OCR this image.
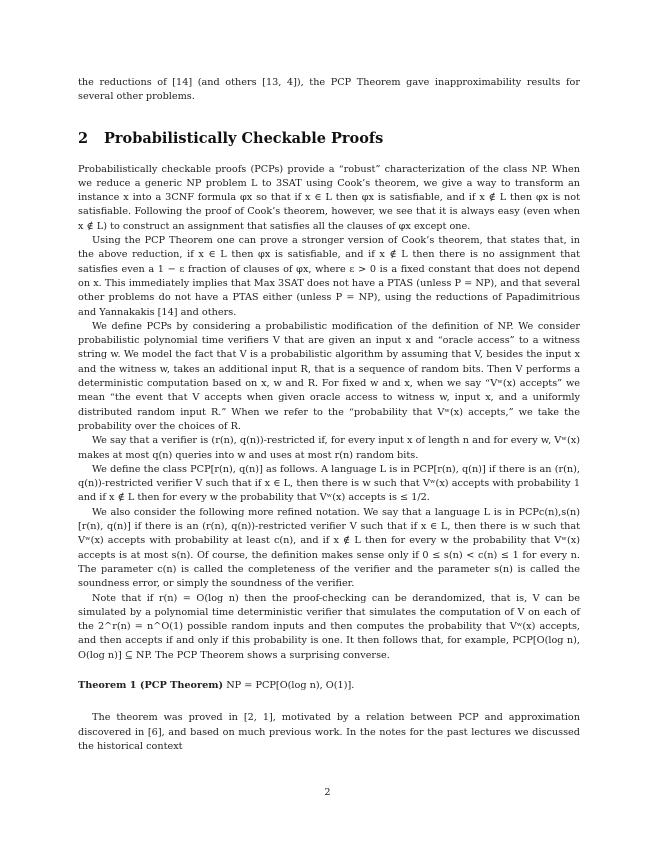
the reductions of [14] (and others [13, 4]), the PCP Theorem gave inapproximability results for several other problems.

2 Probabilistically Checkable Proofs

Probabilistically checkable proofs (PCPs) provide a “robust” characterization of the class NP. When we reduce a generic NP problem L to 3SAT using Cook’s theorem, we give a way to transform an instance x into a 3CNF formula φx so that if x ∈ L then φx is satisfiable, and if x ∉ L then φx is not satisfiable. Following the proof of Cook’s theorem, however, we see that it is always easy (even when x ∉ L) to construct an assignment that satisfies all the clauses of φx except one.

Using the PCP Theorem one can prove a stronger version of Cook’s theorem, that states that, in the above reduction, if x ∈ L then φx is satisfiable, and if x ∉ L then there is no assignment that satisfies even a 1 − ε fraction of clauses of φx, where ε > 0 is a fixed constant that does not depend on x. This immediately implies that Max 3SAT does not have a PTAS (unless P = NP), and that several other problems do not have a PTAS either (unless P = NP), using the reductions of Papadimitrious and Yannakakis [14] and others.

We define PCPs by considering a probabilistic modification of the definition of NP. We consider probabilistic polynomial time verifiers V that are given an input x and “oracle access” to a witness string w. We model the fact that V is a probabilistic algorithm by assuming that V, besides the input x and the witness w, takes an additional input R, that is a sequence of random bits. Then V performs a deterministic computation based on x, w and R. For fixed w and x, when we say “Vʷ(x) accepts” we mean “the event that V accepts when given oracle access to witness w, input x, and a uniformly distributed random input R.” When we refer to the “probability that Vʷ(x) accepts,” we take the probability over the choices of R.

We say that a verifier is (r(n), q(n))-restricted if, for every input x of length n and for every w, Vʷ(x) makes at most q(n) queries into w and uses at most r(n) random bits.

We define the class PCP[r(n), q(n)] as follows. A language L is in PCP[r(n), q(n)] if there is an (r(n), q(n))-restricted verifier V such that if x ∈ L, then there is w such that Vʷ(x) accepts with probability 1 and if x ∉ L then for every w the probability that Vʷ(x) accepts is ≤ 1/2.

We also consider the following more refined notation. We say that a language L is in PCPc(n),s(n)[r(n), q(n)] if there is an (r(n), q(n))-restricted verifier V such that if x ∈ L, then there is w such that Vʷ(x) accepts with probability at least c(n), and if x ∉ L then for every w the probability that Vʷ(x) accepts is at most s(n). Of course, the definition makes sense only if 0 ≤ s(n) < c(n) ≤ 1 for every n. The parameter c(n) is called the completeness of the verifier and the parameter s(n) is called the soundness error, or simply the soundness of the verifier.

Note that if r(n) = O(log n) then the proof-checking can be derandomized, that is, V can be simulated by a polynomial time deterministic verifier that simulates the computation of V on each of the 2^r(n) = n^O(1) possible random inputs and then computes the probability that Vʷ(x) accepts, and then accepts if and only if this probability is one. It then follows that, for example, PCP[O(log n), O(log n)] ⊆ NP. The PCP Theorem shows a surprising converse.

Theorem 1 (PCP Theorem) NP = PCP[O(log n), O(1)].

The theorem was proved in [2, 1], motivated by a relation between PCP and approximation discovered in [6], and based on much previous work. In the notes for the past lectures we discussed the historical context

2
